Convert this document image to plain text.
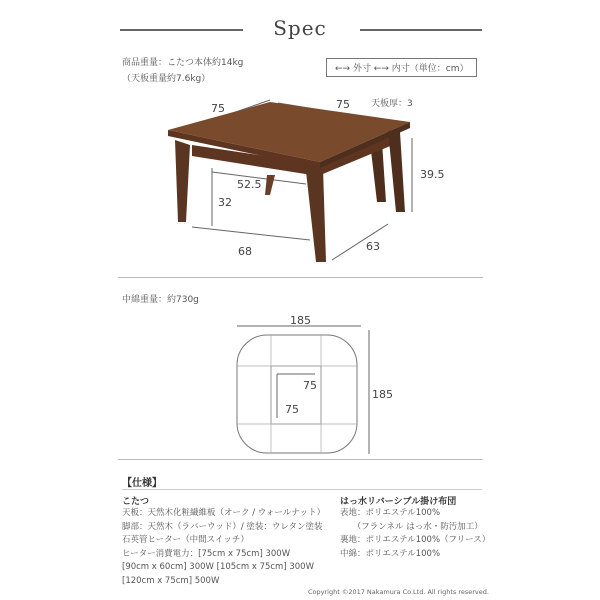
Spec
商品重量：こたつ本体約14kg
（天板重量約7.6kg）
←→ 外寸 ←→ 内寸（単位：cm）
75	75 天板厚：3
39.5
52.5
32
68	63
中綿重量：約730g
185
185
75
75
【仕様】
こたつ
天板：天然木化粧繊維板（オーク / ウォールナット）
脚部：天然木（ラバーウッド）/ 塗装：ウレタン塗装
石英管ヒーター（中間スイッチ）
ヒーター消費電力：[75cm x 75cm] 300W
[90cm x 60cm] 300W [105cm x 75cm] 300W
[120cm x 75cm] 500W
はっ水リバーシブル掛け布団
表地：ポリエステル100%
　　（フランネル はっ水・防汚加工）
裏地：ポリエステル100%（フリース）
中綿：ポリエステル100%
Copyright ©2017 Nakamura Co.Ltd. All rights reserved.
